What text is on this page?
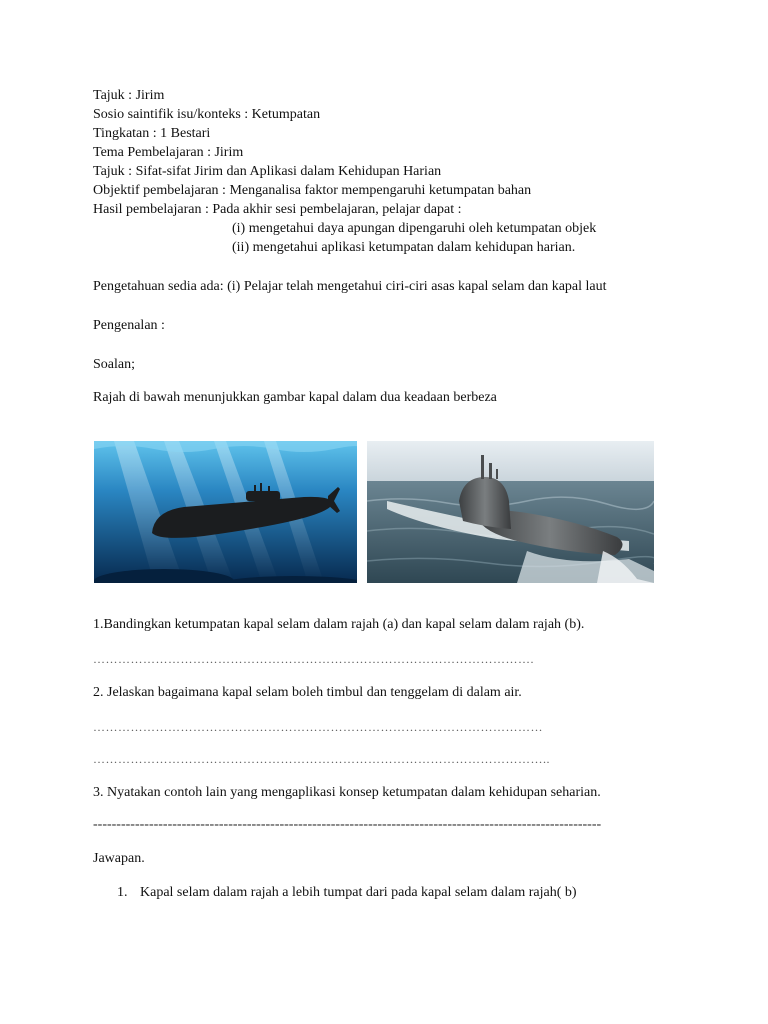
Tajuk : Jirim
Sosio saintifik isu/konteks : Ketumpatan
Tingkatan : 1 Bestari
Tema Pembelajaran : Jirim
Tajuk : Sifat-sifat Jirim dan Aplikasi dalam Kehidupan Harian
Objektif pembelajaran : Menganalisa faktor mempengaruhi ketumpatan bahan
Hasil pembelajaran : Pada akhir sesi pembelajaran, pelajar dapat :
(i) mengetahui daya apungan dipengaruhi oleh ketumpatan objek
(ii) mengetahui aplikasi ketumpatan dalam kehidupan harian.
Pengetahuan sedia ada: (i) Pelajar telah mengetahui ciri-ciri asas kapal selam dan kapal laut
Pengenalan :
Soalan;
Rajah di bawah menunjukkan gambar kapal dalam dua keadaan berbeza
1.Bandingkan ketumpatan kapal selam dalam rajah (a) dan kapal selam dalam rajah (b).
…………………………………………………………………………………………….
2. Jelaskan bagaimana kapal selam boleh timbul dan tenggelam di dalam air.
………………………………………………………………………………………………
………………………………………………………………………………………………..
3. Nyatakan contoh lain yang mengaplikasi konsep ketumpatan dalam kehidupan seharian.
-------------------------------------------------------------------------------------------------------------
Jawapan.
1. Kapal selam dalam rajah a lebih tumpat dari pada kapal selam dalam rajah( b)
